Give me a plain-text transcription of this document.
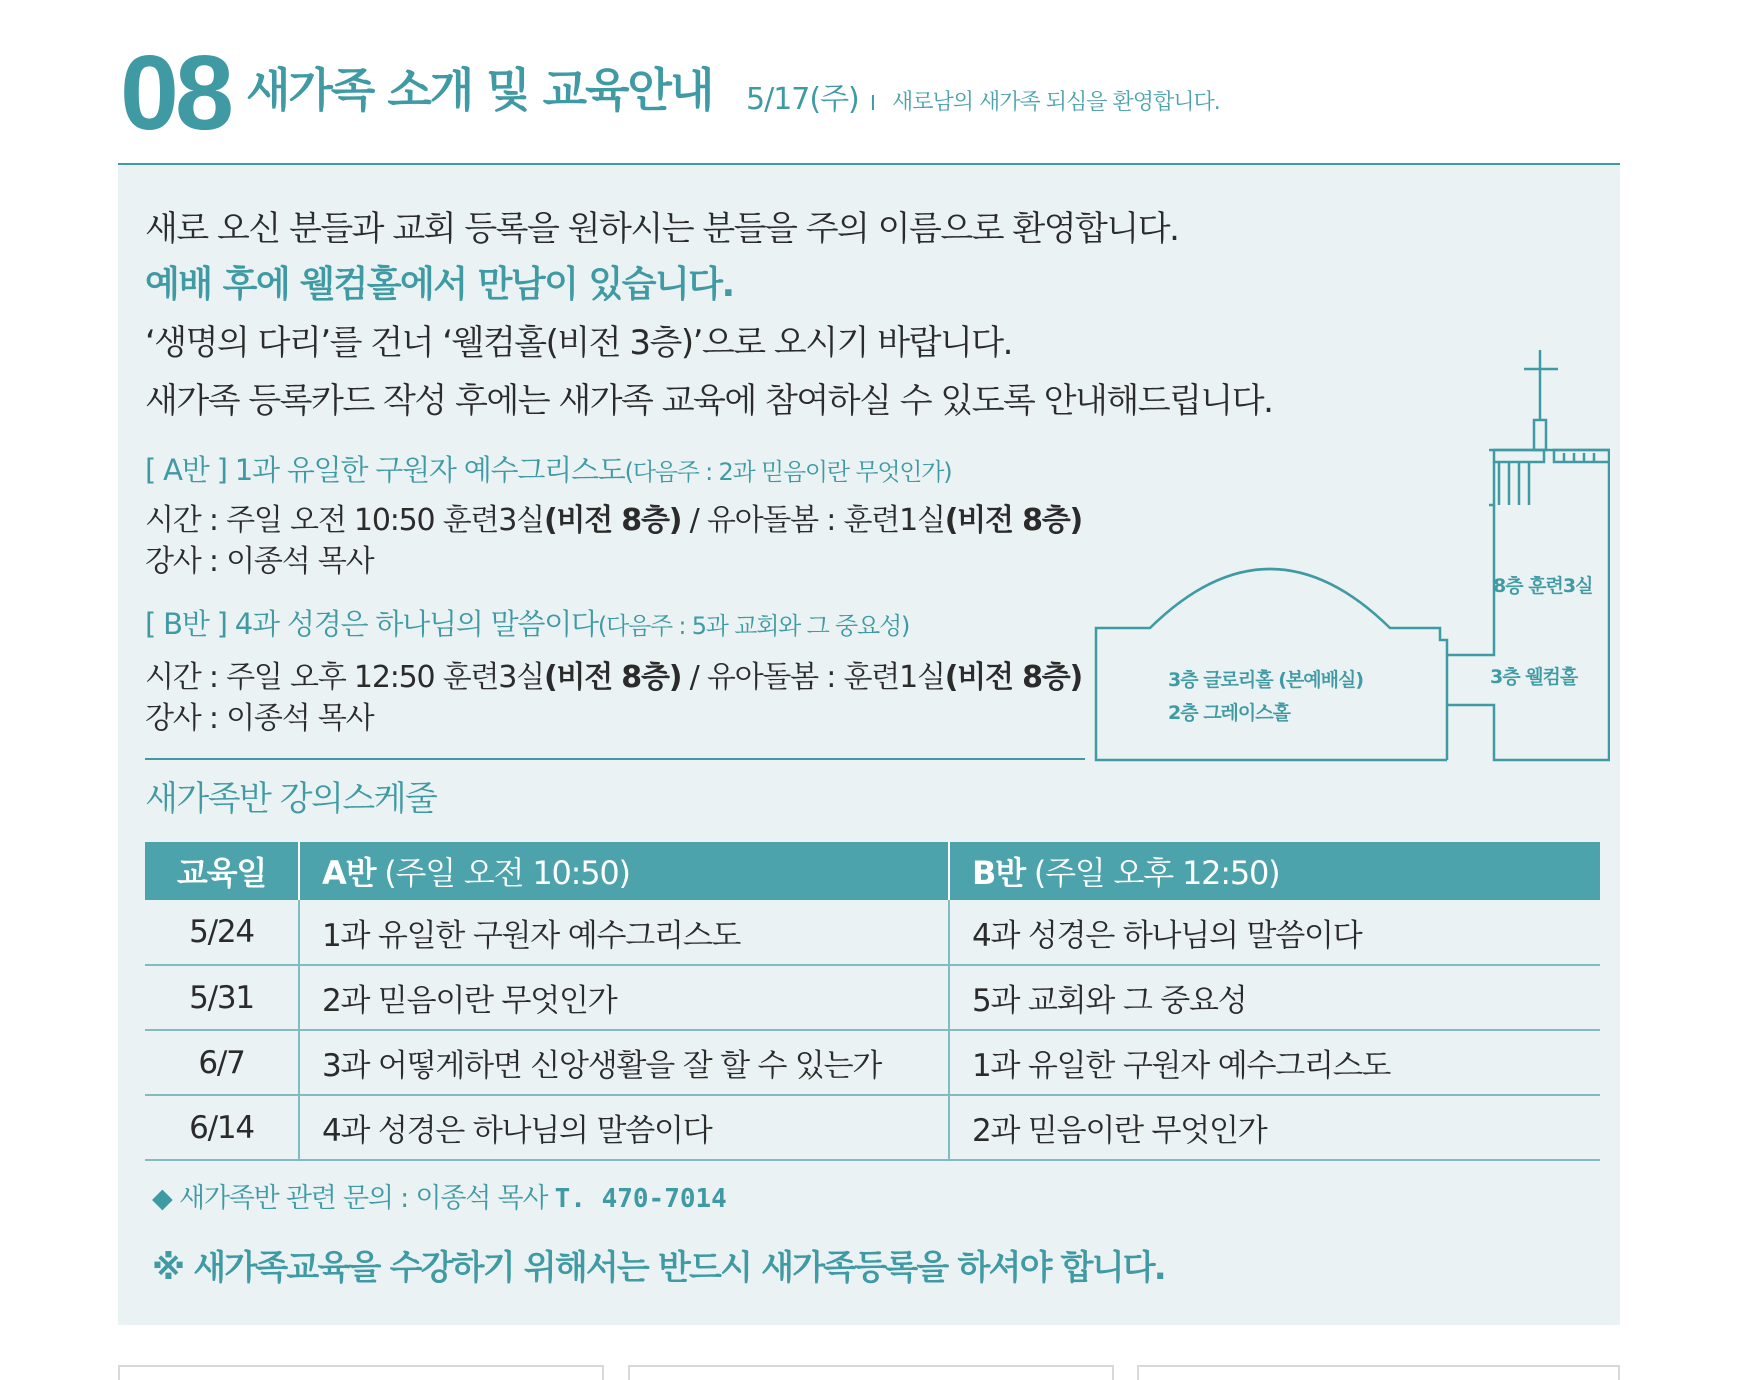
08 새가족 소개 및 교육안내 5/17(주) I 새로남의 새가족 되심을 환영합니다.
새로 오신 분들과 교회 등록을 원하시는 분들을 주의 이름으로 환영합니다.
예배 후에 웰컴홀에서 만남이 있습니다.
‘생명의 다리’를 건너 ‘웰컴홀(비전 3층)’으로 오시기 바랍니다.
새가족 등록카드 작성 후에는 새가족 교육에 참여하실 수 있도록 안내해드립니다.
[ A반 ] 1과 유일한 구원자 예수그리스도(다음주 : 2과 믿음이란 무엇인가)
시간 : 주일 오전 10:50 훈련3실(비전 8층) / 유아돌봄 : 훈련1실(비전 8층)
강사 : 이종석 목사
[ B반 ] 4과 성경은 하나님의 말씀이다(다음주 : 5과 교회와 그 중요성)
시간 : 주일 오후 12:50 훈련3실(비전 8층) / 유아돌봄 : 훈련1실(비전 8층)
강사 : 이종석 목사
8층 훈련3실
3층 웰컴홀
3층 글로리홀 (본예배실)
2층 그레이스홀
새가족반 강의스케줄
교육일	A반 (주일 오전 10:50)	B반 (주일 오후 12:50)
5/24	1과 유일한 구원자 예수그리스도	4과 성경은 하나님의 말씀이다
5/31	2과 믿음이란 무엇인가	5과 교회와 그 중요성
6/7	3과 어떻게하면 신앙생활을 잘 할 수 있는가	1과 유일한 구원자 예수그리스도
6/14	4과 성경은 하나님의 말씀이다	2과 믿음이란 무엇인가
◆ 새가족반 관련 문의 : 이종석 목사 T. 470-7014
※ 새가족교육을 수강하기 위해서는 반드시 새가족등록을 하셔야 합니다.
